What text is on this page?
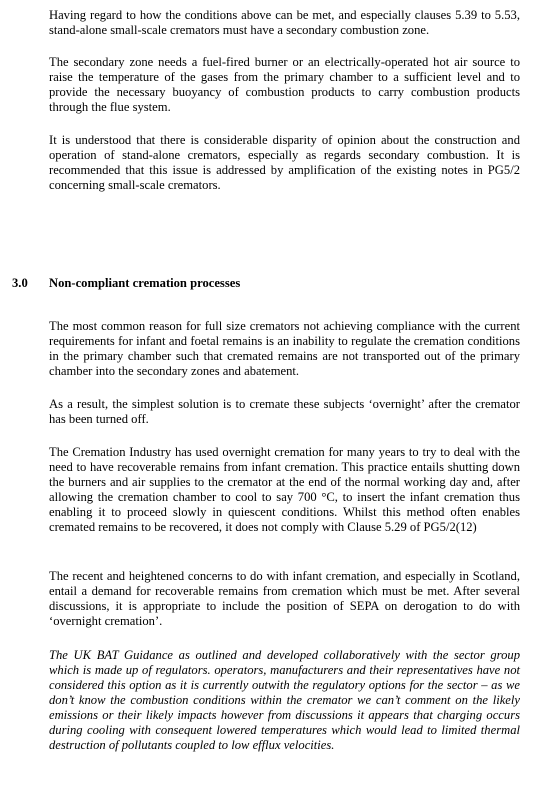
Having regard to how the conditions above can be met, and especially clauses 5.39 to 5.53, stand-alone small-scale cremators must have a secondary combustion zone.

The secondary zone needs a fuel-fired burner or an electrically-operated hot air source to raise the temperature of the gases from the primary chamber to a sufficient level and to provide the necessary buoyancy of combustion products to carry combustion products through the flue system.

It is understood that there is considerable disparity of opinion about the construction and operation of stand-alone cremators, especially as regards secondary combustion. It is recommended that this issue is addressed by amplification of the existing notes in PG5/2 concerning small-scale cremators.

3.0 Non-compliant cremation processes

The most common reason for full size cremators not achieving compliance with the current requirements for infant and foetal remains is an inability to regulate the cremation conditions in the primary chamber such that cremated remains are not transported out of the primary chamber into the secondary zones and abatement.

As a result, the simplest solution is to cremate these subjects ‘overnight’ after the cremator has been turned off.

The Cremation Industry has used overnight cremation for many years to try to deal with the need to have recoverable remains from infant cremation. This practice entails shutting down the burners and air supplies to the cremator at the end of the normal working day and, after allowing the cremation chamber to cool to say 700 °C, to insert the infant cremation thus enabling it to proceed slowly in quiescent conditions. Whilst this method often enables cremated remains to be recovered, it does not comply with Clause 5.29 of PG5/2(12)

The recent and heightened concerns to do with infant cremation, and especially in Scotland, entail a demand for recoverable remains from cremation which must be met. After several discussions, it is appropriate to include the position of SEPA on derogation to do with ‘overnight cremation’.

The UK BAT Guidance as outlined and developed collaboratively with the sector group which is made up of regulators. operators, manufacturers and their representatives have not considered this option as it is currently outwith the regulatory options for the sector – as we don’t know the combustion conditions within the cremator we can’t comment on the likely emissions or their likely impacts however from discussions it appears that charging occurs during cooling with consequent lowered temperatures which would lead to limited thermal destruction of pollutants coupled to low efflux velocities.
